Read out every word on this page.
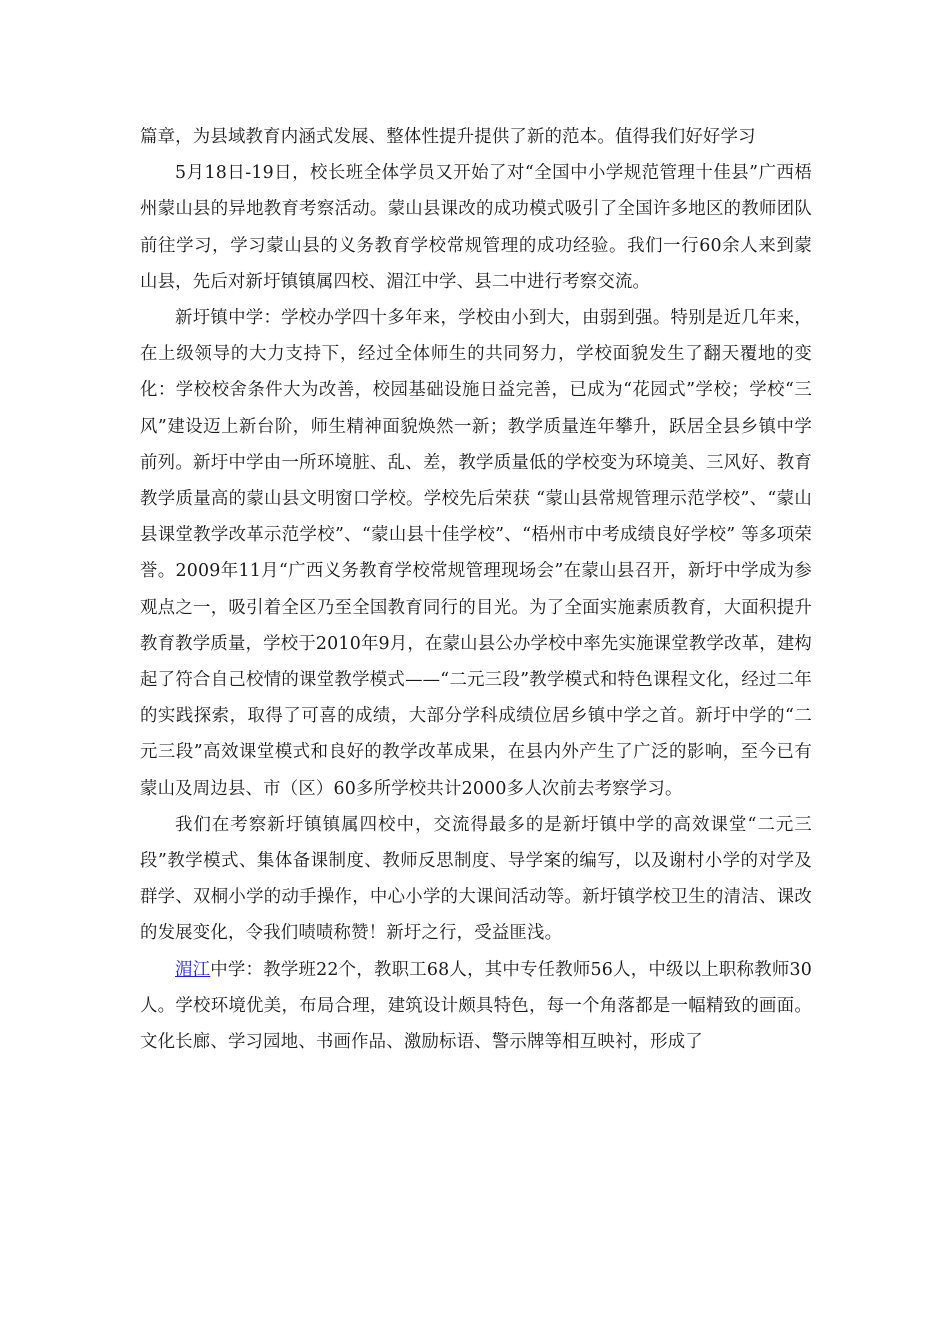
篇章，为县域教育内涵式发展、整体性提升提供了新的范本。值得我们好好学习

5月18日-19日，校长班全体学员又开始了对“全国中小学规范管理十佳县”广西梧州蒙山县的异地教育考察活动。蒙山县课改的成功模式吸引了全国许多地区的教师团队前往学习，学习蒙山县的义务教育学校常规管理的成功经验。我们一行60余人来到蒙山县，先后对新圩镇镇属四校、湄江中学、县二中进行考察交流。

新圩镇中学：学校办学四十多年来，学校由小到大，由弱到强。特别是近几年来，在上级领导的大力支持下，经过全体师生的共同努力，学校面貌发生了翻天覆地的变化：学校校舍条件大为改善，校园基础设施日益完善，已成为“花园式”学校；学校“三风”建设迈上新台阶，师生精神面貌焕然一新；教学质量连年攀升，跃居全县乡镇中学前列。新圩中学由一所环境脏、乱、差，教学质量低的学校变为环境美、三风好、教育教学质量高的蒙山县文明窗口学校。学校先后荣获 “蒙山县常规管理示范学校”、“蒙山县课堂教学改革示范学校”、“蒙山县十佳学校”、“梧州市中考成绩良好学校” 等多项荣誉。2009年11月“广西义务教育学校常规管理现场会”在蒙山县召开，新圩中学成为参观点之一，吸引着全区乃至全国教育同行的目光。为了全面实施素质教育，大面积提升教育教学质量，学校于2010年9月，在蒙山县公办学校中率先实施课堂教学改革，建构起了符合自己校情的课堂教学模式——“二元三段”教学模式和特色课程文化，经过二年的实践探索，取得了可喜的成绩，大部分学科成绩位居乡镇中学之首。新圩中学的“二元三段”高效课堂模式和良好的教学改革成果，在县内外产生了广泛的影响，至今已有蒙山及周边县、市（区）60多所学校共计2000多人次前去考察学习。

我们在考察新圩镇镇属四校中，交流得最多的是新圩镇中学的高效课堂“二元三段”教学模式、集体备课制度、教师反思制度、导学案的编写，以及谢村小学的对学及群学、双桐小学的动手操作，中心小学的大课间活动等。新圩镇学校卫生的清洁、课改的发展变化，令我们啧啧称赞！新圩之行，受益匪浅。

湄江中学：教学班22个，教职工68人，其中专任教师56人，中级以上职称教师30人。学校环境优美，布局合理，建筑设计颇具特色，每一个角落都是一幅精致的画面。文化长廊、学习园地、书画作品、激励标语、警示牌等相互映衬，形成了
